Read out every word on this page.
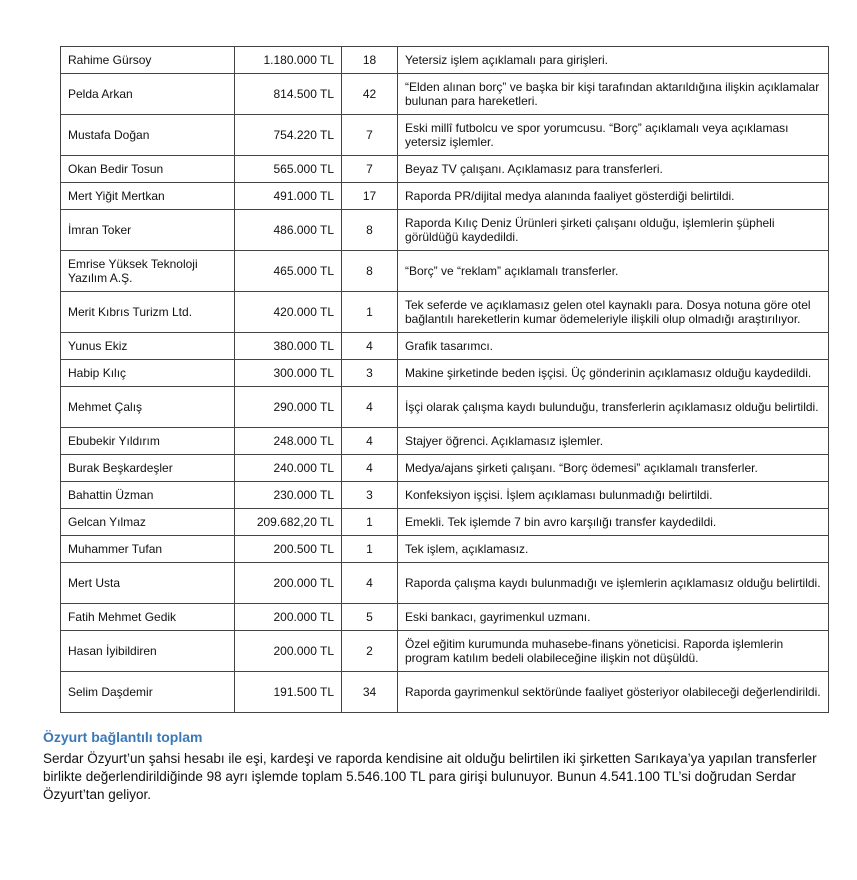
Rahime Gürsoy	1.180.000 TL	18	Yetersiz işlem açıklamalı para girişleri.
Pelda Arkan	814.500 TL	42	“Elden alınan borç” ve başka bir kişi tarafından aktarıldığına ilişkin açıklamalar bulunan para hareketleri.
Mustafa Doğan	754.220 TL	7	Eski millî futbolcu ve spor yorumcusu. “Borç” açıklamalı veya açıklaması yetersiz işlemler.
Okan Bedir Tosun	565.000 TL	7	Beyaz TV çalışanı. Açıklamasız para transferleri.
Mert Yiğit Mertkan	491.000 TL	17	Raporda PR/dijital medya alanında faaliyet gösterdiği belirtildi.
İmran Toker	486.000 TL	8	Raporda Kılıç Deniz Ürünleri şirketi çalışanı olduğu, işlemlerin şüpheli görüldüğü kaydedildi.
Emrise Yüksek Teknoloji Yazılım A.Ş.	465.000 TL	8	“Borç” ve “reklam” açıklamalı transferler.
Merit Kıbrıs Turizm Ltd.	420.000 TL	1	Tek seferde ve açıklamasız gelen otel kaynaklı para. Dosya notuna göre otel bağlantılı hareketlerin kumar ödemeleriyle ilişkili olup olmadığı araştırılıyor.
Yunus Ekiz	380.000 TL	4	Grafik tasarımcı.
Habip Kılıç	300.000 TL	3	Makine şirketinde beden işçisi. Üç gönderinin açıklamasız olduğu kaydedildi.
Mehmet Çalış	290.000 TL	4	İşçi olarak çalışma kaydı bulunduğu, transferlerin açıklamasız olduğu belirtildi.
Ebubekir Yıldırım	248.000 TL	4	Stajyer öğrenci. Açıklamasız işlemler.
Burak Beşkardeşler	240.000 TL	4	Medya/ajans şirketi çalışanı. “Borç ödemesi” açıklamalı transferler.
Bahattin Üzman	230.000 TL	3	Konfeksiyon işçisi. İşlem açıklaması bulunmadığı belirtildi.
Gelcan Yılmaz	209.682,20 TL	1	Emekli. Tek işlemde 7 bin avro karşılığı transfer kaydedildi.
Muhammer Tufan	200.500 TL	1	Tek işlem, açıklamasız.
Mert Usta	200.000 TL	4	Raporda çalışma kaydı bulunmadığı ve işlemlerin açıklamasız olduğu belirtildi.
Fatih Mehmet Gedik	200.000 TL	5	Eski bankacı, gayrimenkul uzmanı.
Hasan İyibildiren	200.000 TL	2	Özel eğitim kurumunda muhasebe-finans yöneticisi. Raporda işlemlerin program katılım bedeli olabileceğine ilişkin not düşüldü.
Selim Daşdemir	191.500 TL	34	Raporda gayrimenkul sektöründe faaliyet gösteriyor olabileceği değerlendirildi.
Özyurt bağlantılı toplam

Serdar Özyurt’un şahsi hesabı ile eşi, kardeşi ve raporda kendisine ait olduğu belirtilen iki şirketten Sarıkaya’ya yapılan transferler birlikte değerlendirildiğinde 98 ayrı işlemde toplam 5.546.100 TL para girişi bulunuyor. Bunun 4.541.100 TL’si doğrudan Serdar Özyurt’tan geliyor.
